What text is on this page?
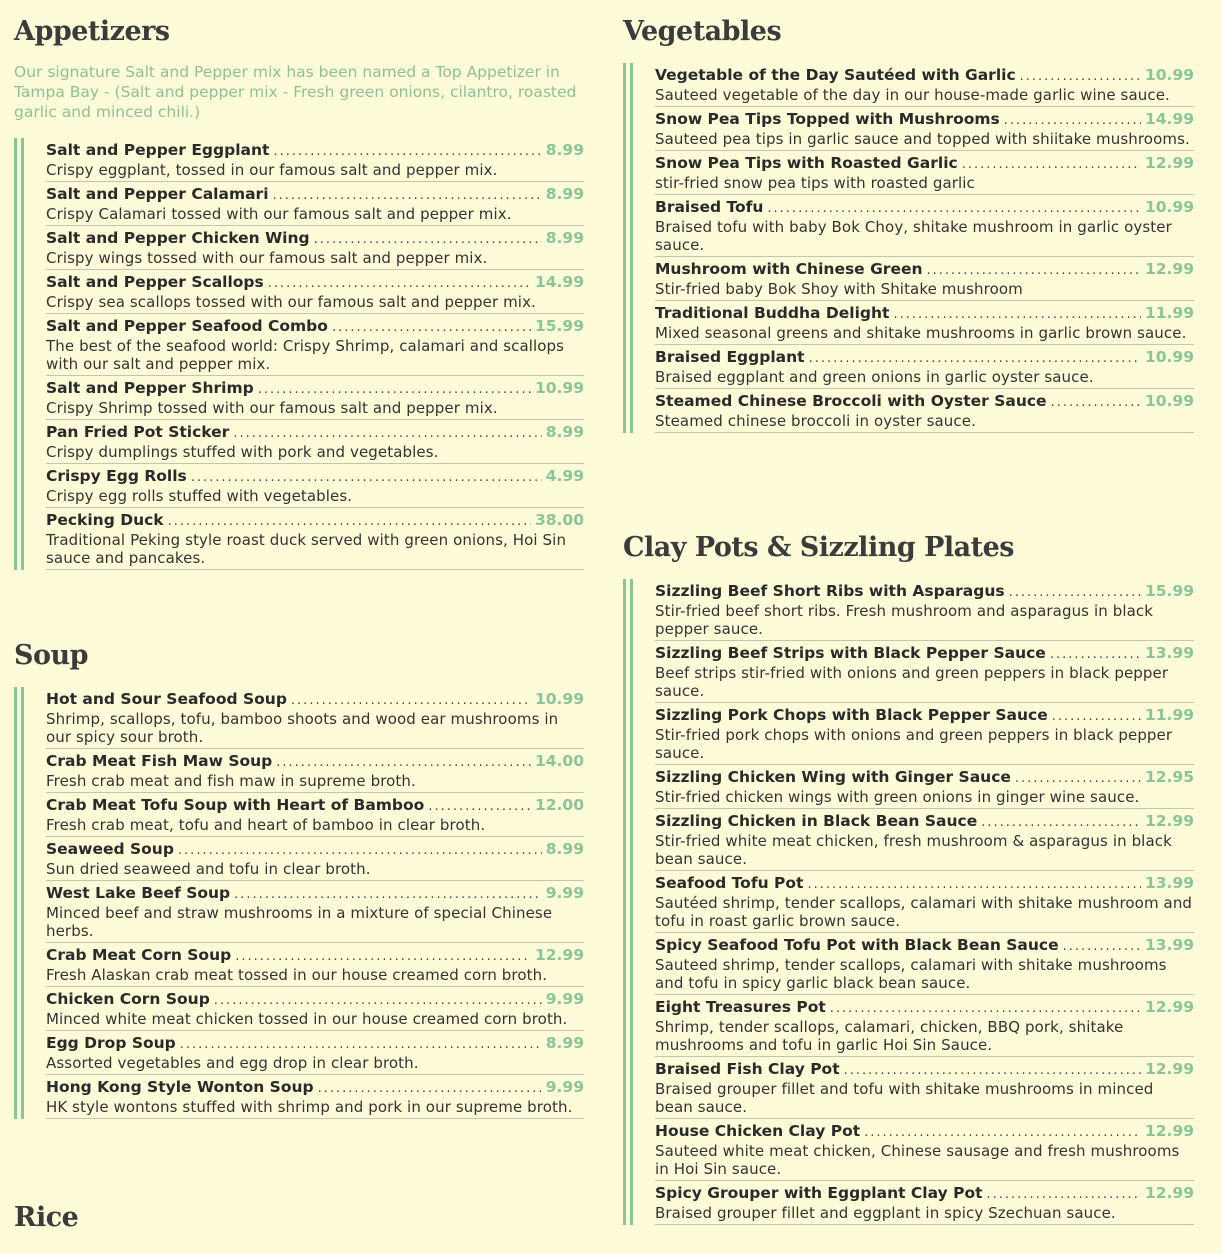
Appetizers

Our signature Salt and Pepper mix has been named a Top Appetizer in Tampa Bay - (Salt and pepper mix - Fresh green onions, cilantro, roasted garlic and minced chili.)

Salt and Pepper Eggplant .....	8.99
Crispy eggplant, tossed in our famous salt and pepper mix.
Salt and Pepper Calamari .....	8.99
Crispy Calamari tossed with our famous salt and pepper mix.
Salt and Pepper Chicken Wing .....	8.99
Crispy wings tossed with our famous salt and pepper mix.
Salt and Pepper Scallops .....	14.99
Crispy sea scallops tossed with our famous salt and pepper mix.
Salt and Pepper Seafood Combo .....	15.99
The best of the seafood world: Crispy Shrimp, calamari and scallops with our salt and pepper mix.
Salt and Pepper Shrimp .....	10.99
Crispy Shrimp tossed with our famous salt and pepper mix.
Pan Fried Pot Sticker .....	8.99
Crispy dumplings stuffed with pork and vegetables.
Crispy Egg Rolls .....	4.99
Crispy egg rolls stuffed with vegetables.
Pecking Duck .....	38.00
Traditional Peking style roast duck served with green onions, Hoi Sin sauce and pancakes.
Soup
Hot and Sour Seafood Soup .....	10.99
Shrimp, scallops, tofu, bamboo shoots and wood ear mushrooms in our spicy sour broth.
Crab Meat Fish Maw Soup .....	14.00
Fresh crab meat and fish maw in supreme broth.
Crab Meat Tofu Soup with Heart of Bamboo .....	12.00
Fresh crab meat, tofu and heart of bamboo in clear broth.
Seaweed Soup .....	8.99
Sun dried seaweed and tofu in clear broth.
West Lake Beef Soup .....	9.99
Minced beef and straw mushrooms in a mixture of special Chinese herbs.
Crab Meat Corn Soup .....	12.99
Fresh Alaskan crab meat tossed in our house creamed corn broth.
Chicken Corn Soup .....	9.99
Minced white meat chicken tossed in our house creamed corn broth.
Egg Drop Soup .....	8.99
Assorted vegetables and egg drop in clear broth.
Hong Kong Style Wonton Soup .....	9.99
HK style wontons stuffed with shrimp and pork in our supreme broth.
Rice
Vegetables
Vegetable of the Day Sautéed with Garlic .....	10.99
Sauteed vegetable of the day in our house-made garlic wine sauce.
Snow Pea Tips Topped with Mushrooms .....	14.99
Sauteed pea tips in garlic sauce and topped with shiitake mushrooms.
Snow Pea Tips with Roasted Garlic .....	12.99
stir-fried snow pea tips with roasted garlic
Braised Tofu .....	10.99
Braised tofu with baby Bok Choy, shitake mushroom in garlic oyster sauce.
Mushroom with Chinese Green .....	12.99
Stir-fried baby Bok Shoy with Shitake mushroom
Traditional Buddha Delight .....	11.99
Mixed seasonal greens and shitake mushrooms in garlic brown sauce.
Braised Eggplant .....	10.99
Braised eggplant and green onions in garlic oyster sauce.
Steamed Chinese Broccoli with Oyster Sauce .....	10.99
Steamed chinese broccoli in oyster sauce.
Clay Pots & Sizzling Plates
Sizzling Beef Short Ribs with Asparagus .....	15.99
Stir-fried beef short ribs. Fresh mushroom and asparagus in black pepper sauce.
Sizzling Beef Strips with Black Pepper Sauce .....	13.99
Beef strips stir-fried with onions and green peppers in black pepper sauce.
Sizzling Pork Chops with Black Pepper Sauce .....	11.99
Stir-fried pork chops with onions and green peppers in black pepper sauce.
Sizzling Chicken Wing with Ginger Sauce .....	12.95
Stir-fried chicken wings with green onions in ginger wine sauce.
Sizzling Chicken in Black Bean Sauce .....	12.99
Stir-fried white meat chicken, fresh mushroom & asparagus in black bean sauce.
Seafood Tofu Pot .....	13.99
Sautéed shrimp, tender scallops, calamari with shitake mushroom and tofu in roast garlic brown sauce.
Spicy Seafood Tofu Pot with Black Bean Sauce .....	13.99
Sauteed shrimp, tender scallops, calamari with shitake mushrooms and tofu in spicy garlic black bean sauce.
Eight Treasures Pot .....	12.99
Shrimp, tender scallops, calamari, chicken, BBQ pork, shitake mushrooms and tofu in garlic Hoi Sin Sauce.
Braised Fish Clay Pot .....	12.99
Braised grouper fillet and tofu with shitake mushrooms in minced bean sauce.
House Chicken Clay Pot .....	12.99
Sauteed white meat chicken, Chinese sausage and fresh mushrooms in Hoi Sin sauce.
Spicy Grouper with Eggplant Clay Pot .....	12.99
Braised grouper fillet and eggplant in spicy Szechuan sauce.
